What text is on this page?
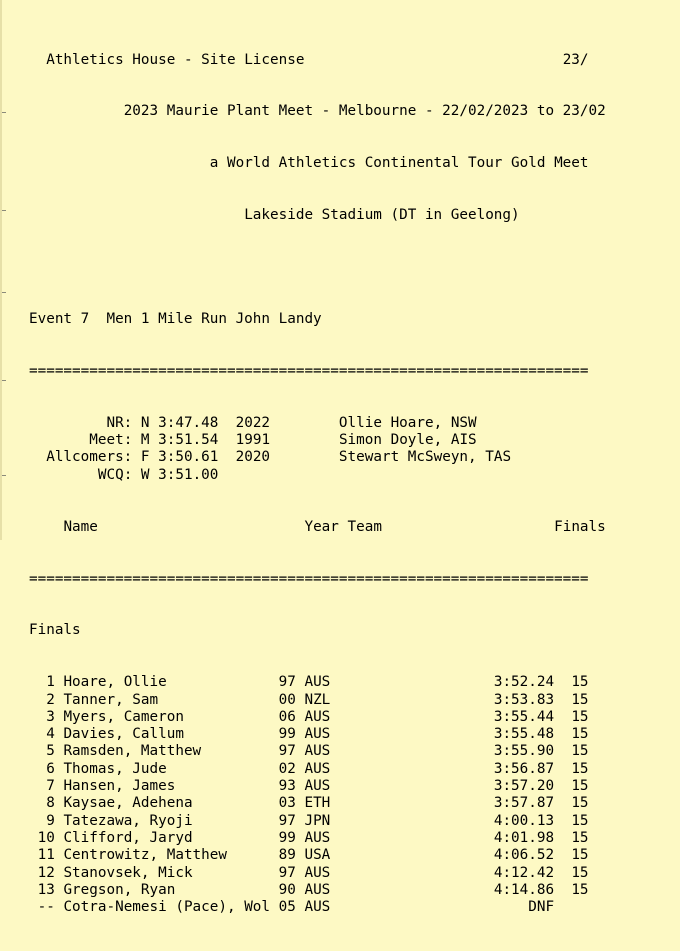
Athletics House - Site License	23/

2023 Maurie Plant Meet - Melbourne - 22/02/2023 to 23/02

a World Athletics Continental Tour Gold Meet

Lakeside Stadium (DT in Geelong)

Event 7  Men 1 Mile Run John Landy

=================================================================

NR: N 3:47.48 2022	Ollie Hoare, NSW
Meet: M 3:51.54 1991	Simon Doyle, AIS
Allcomers: F 3:50.61 2020	Stewart McSweyn, TAS
WCQ: W 3:51.00

Name	Year Team	Finals

=================================================================

Finals

1 Hoare, Ollie	97 AUS	3:52.24 15
2 Tanner, Sam	00 NZL	3:53.83 15
3 Myers, Cameron	06 AUS	3:55.44 15
4 Davies, Callum	99 AUS	3:55.48 15
5 Ramsden, Matthew	97 AUS	3:55.90 15
6 Thomas, Jude	02 AUS	3:56.87 15
7 Hansen, James	93 AUS	3:57.20 15
8 Kaysae, Adehena	03 ETH	3:57.87 15
9 Tatezawa, Ryoji	97 JPN	4:00.13 15
10 Clifford, Jaryd	99 AUS	4:01.98 15
11 Centrowitz, Matthew	89 USA	4:06.52 15
12 Stanovsek, Mick	97 AUS	4:12.42 15
13 Gregson, Ryan	90 AUS	4:14.86 15
-- Cotra-Nemesi (Pace), Wol 05 AUS	DNF
